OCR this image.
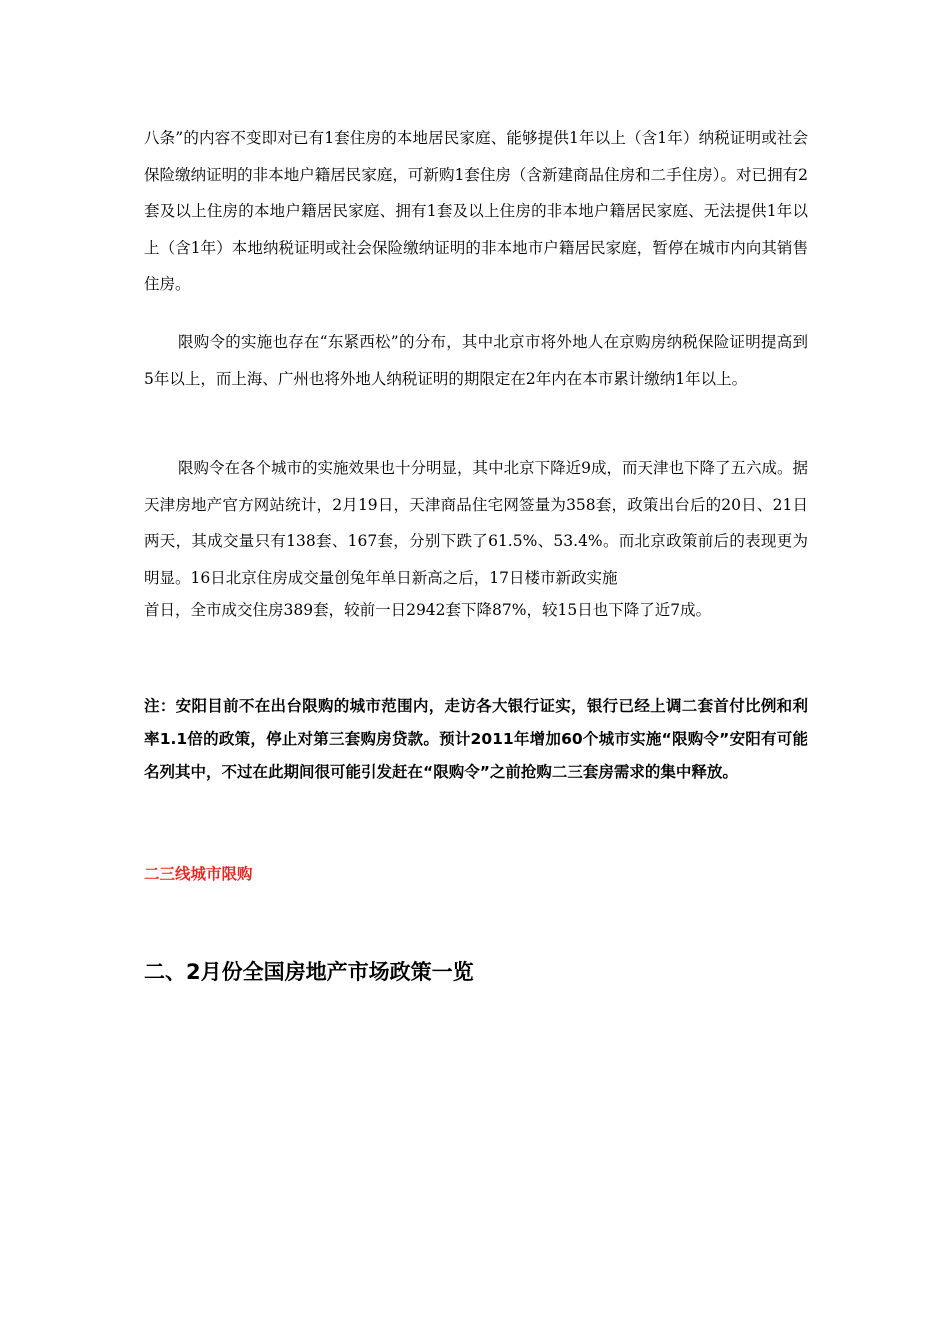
八条”的内容不变即对已有1套住房的本地居民家庭、能够提供1年以上（含1年）纳税证明或社会保险缴纳证明的非本地户籍居民家庭，可新购1套住房（含新建商品住房和二手住房）。对已拥有2套及以上住房的本地户籍居民家庭、拥有1套及以上住房的非本地户籍居民家庭、无法提供1年以上（含1年）本地纳税证明或社会保险缴纳证明的非本地市户籍居民家庭，暂停在城市内向其销售住房。

限购令的实施也存在“东紧西松”的分布，其中北京市将外地人在京购房纳税保险证明提高到5年以上，而上海、广州也将外地人纳税证明的期限定在2年内在本市累计缴纳1年以上。

限购令在各个城市的实施效果也十分明显，其中北京下降近9成，而天津也下降了五六成。据天津房地产官方网站统计，2月19日，天津商品住宅网签量为358套，政策出台后的20日、21日两天，其成交量只有138套、167套，分别下跌了61.5%、53.4%。而北京政策前后的表现更为明显。16日北京住房成交量创兔年单日新高之后，17日楼市新政实施

首日，全市成交住房389套，较前一日2942套下降87%，较15日也下降了近7成。

注：安阳目前不在出台限购的城市范围内，走访各大银行证实，银行已经上调二套首付比例和利率1.1倍的政策，停止对第三套购房贷款。预计2011年增加60个城市实施“限购令”安阳有可能名列其中，不过在此期间很可能引发赶在“限购令”之前抢购二三套房需求的集中释放。

二三线城市限购

二、2月份全国房地产市场政策一览
